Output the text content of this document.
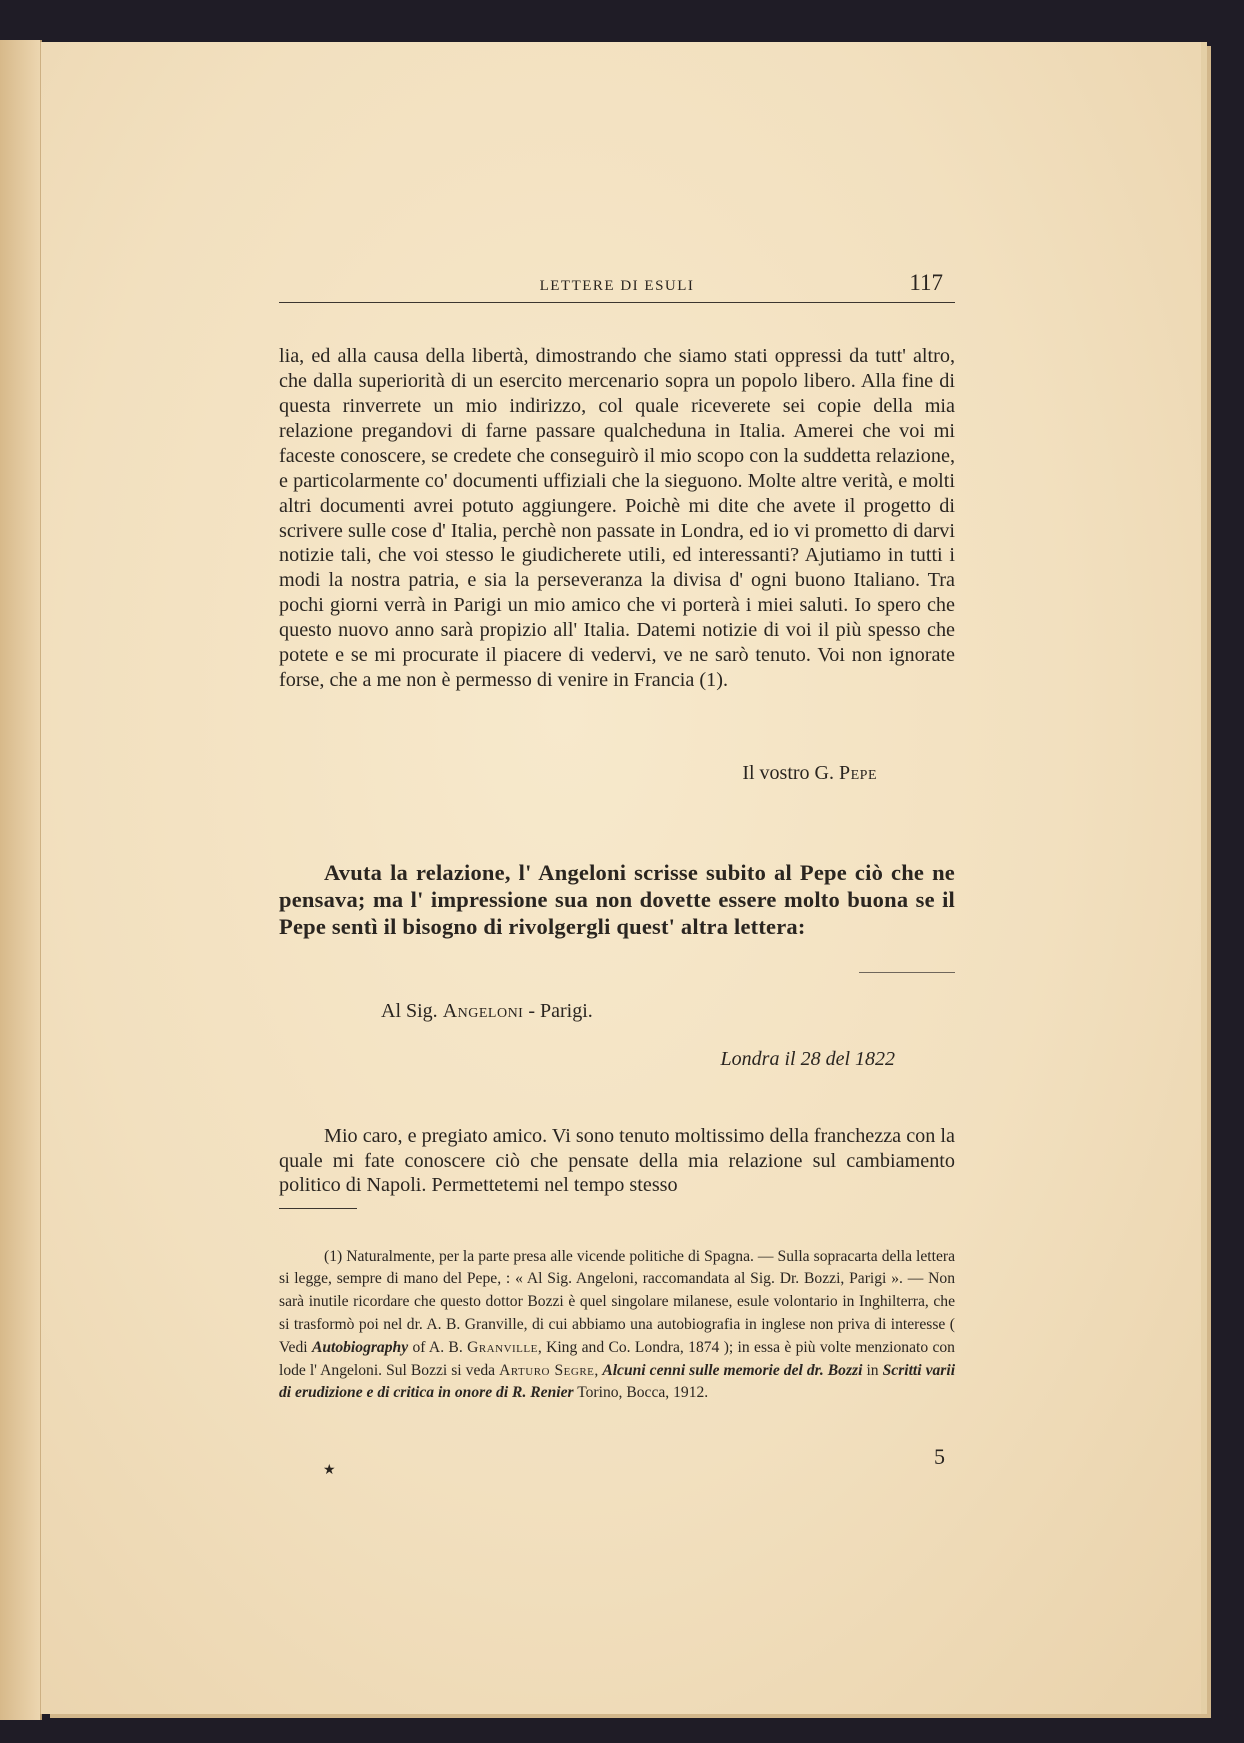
LETTERE DI ESULI	117

lia, ed alla causa della libertà, dimostrando che siamo stati oppressi da tutt' altro, che dalla superiorità di un esercito mercenario sopra un popolo libero. Alla fine di questa rinverrete un mio indirizzo, col quale riceverete sei copie della mia relazione pregandovi di farne passare qualcheduna in Italia. Amerei che voi mi faceste conoscere, se credete che conseguirò il mio scopo con la suddetta relazione, e particolarmente co' documenti uffiziali che la sieguono. Molte altre verità, e molti altri documenti avrei potuto aggiungere. Poichè mi dite che avete il progetto di scrivere sulle cose d' Italia, perchè non passate in Londra, ed io vi prometto di darvi notizie tali, che voi stesso le giudicherete utili, ed interessanti? Ajutiamo in tutti i modi la nostra patria, e sia la perseveranza la divisa d' ogni buono Italiano. Tra pochi giorni verrà in Parigi un mio amico che vi porterà i miei saluti. Io spero che questo nuovo anno sarà propizio all' Italia. Datemi notizie di voi il più spesso che potete e se mi procurate il piacere di vedervi, ve ne sarò tenuto. Voi non ignorate forse, che a me non è permesso di venire in Francia (1).

Il vostro G. Pepe

Avuta la relazione, l' Angeloni scrisse subito al Pepe ciò che ne pensava; ma l' impressione sua non dovette essere molto buona se il Pepe sentì il bisogno di rivolgergli quest' altra lettera:

Al Sig. Angeloni - Parigi.
Londra il 28 del 1822

Mio caro, e pregiato amico. Vi sono tenuto moltissimo della franchezza con la quale mi fate conoscere ciò che pensate della mia relazione sul cambiamento politico di Napoli. Permettetemi nel tempo stesso

(1) Naturalmente, per la parte presa alle vicende politiche di Spagna. — Sulla sopracarta della lettera si legge, sempre di mano del Pepe, : « Al Sig. Angeloni, raccomandata al Sig. Dr. Bozzi, Parigi ». — Non sarà inutile ricordare che questo dottor Bozzi è quel singolare milanese, esule volontario in Inghilterra, che si trasformò poi nel dr. A. B. Granville, di cui abbiamo una autobiografia in inglese non priva di interesse ( Vedi Autobiography of A. B. Granville, King and Co. Londra, 1874 ); in essa è più volte menzionato con lode l' Angeloni. Sul Bozzi si veda Arturo Segre, Alcuni cenni sulle memorie del dr. Bozzi in Scritti varii di erudizione e di critica in onore di R. Renier Torino, Bocca, 1912.

★
5
